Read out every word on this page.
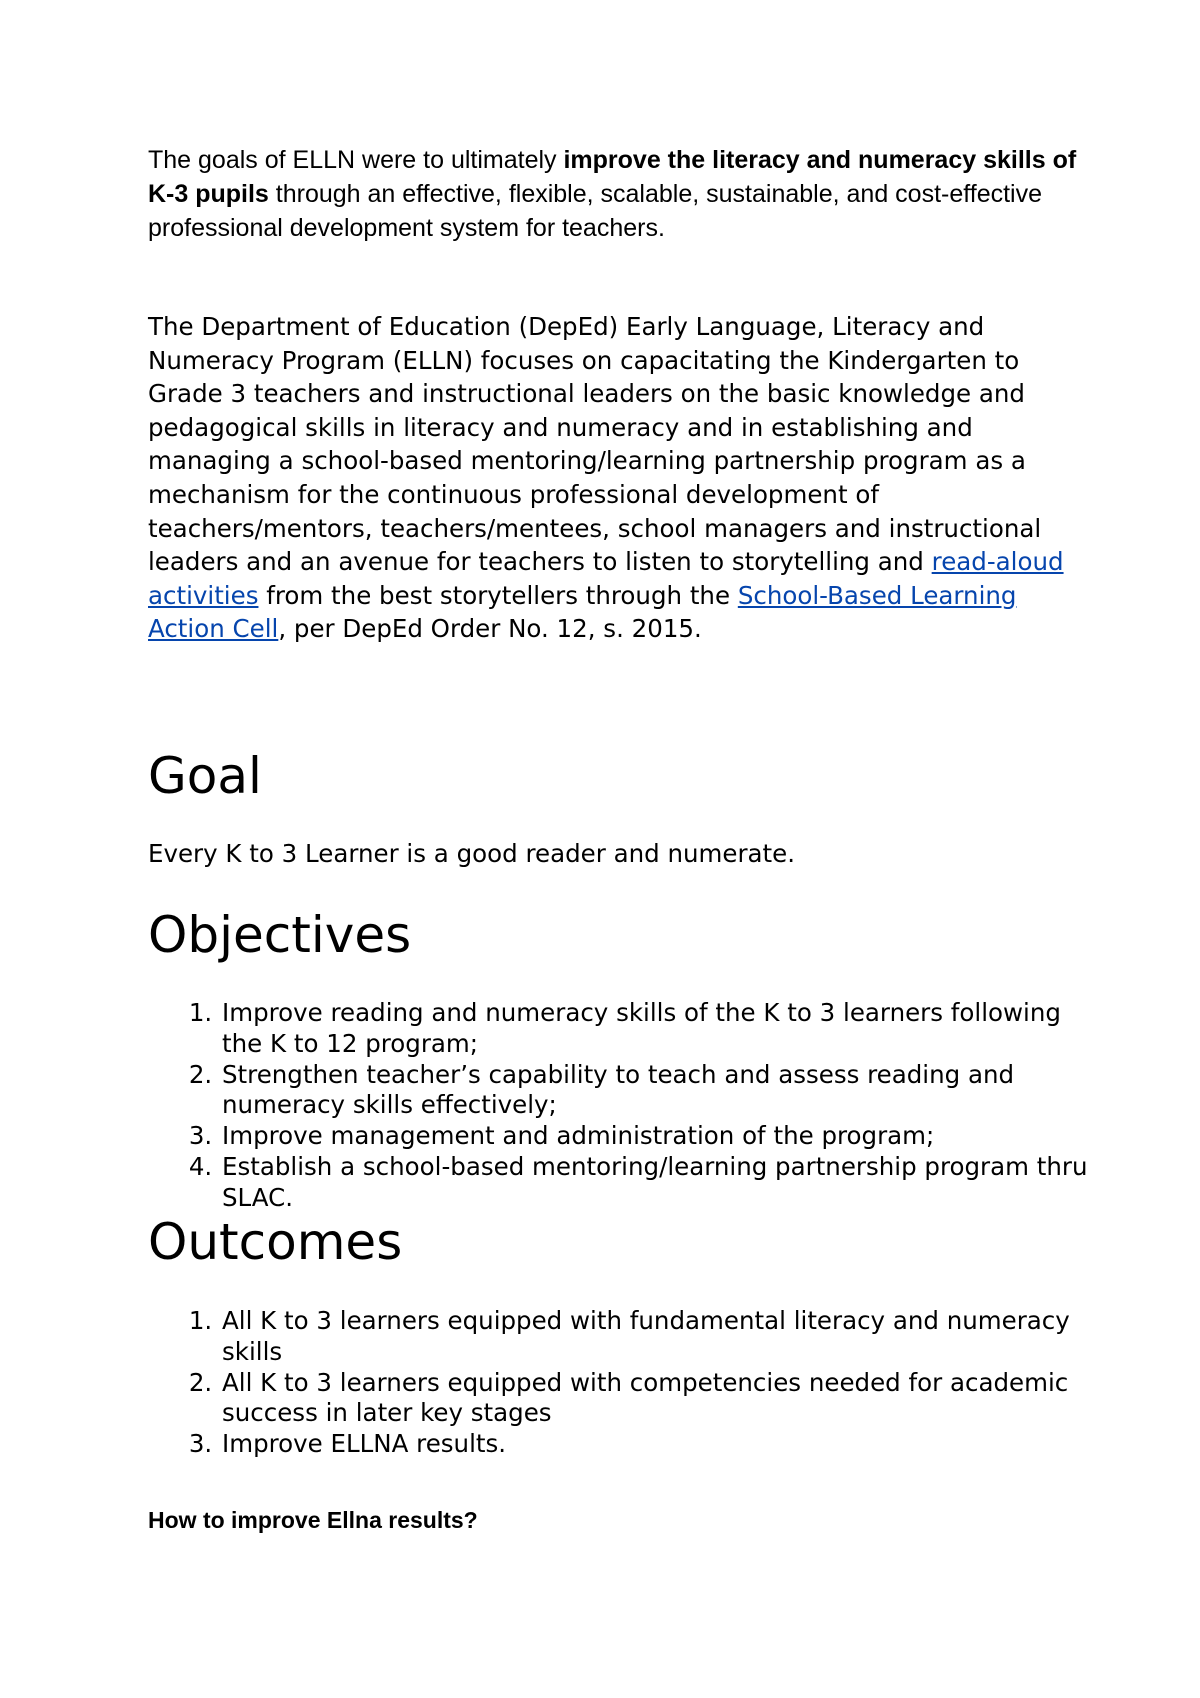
The goals of ELLN were to ultimately improve the literacy and numeracy skills of K-3 pupils through an effective, flexible, scalable, sustainable, and cost-effective professional development system for teachers.

The Department of Education (DepEd) Early Language, Literacy and Numeracy Program (ELLN) focuses on capacitating the Kindergarten to Grade 3 teachers and instructional leaders on the basic knowledge and pedagogical skills in literacy and numeracy and in establishing and managing a school-based mentoring/learning partnership program as a mechanism for the continuous professional development of teachers/mentors, teachers/mentees, school managers and instructional leaders and an avenue for teachers to listen to storytelling and read-aloud activities from the best storytellers through the School-Based Learning Action Cell, per DepEd Order No. 12, s. 2015.

Goal

Every K to 3 Learner is a good reader and numerate.

Objectives
1. Improve reading and numeracy skills of the K to 3 learners following the K to 12 program;
2. Strengthen teacher’s capability to teach and assess reading and numeracy skills effectively;
3. Improve management and administration of the program;
4. Establish a school-based mentoring/learning partnership program thru SLAC.
Outcomes
1. All K to 3 learners equipped with fundamental literacy and numeracy skills
2. All K to 3 learners equipped with competencies needed for academic success in later key stages
3. Improve ELLNA results.

How to improve Ellna results?
